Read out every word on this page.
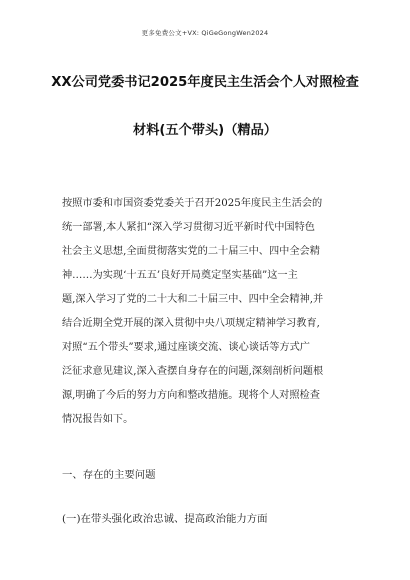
更多免费公文+VX: QiGeGongWen2024
XX公司党委书记2025年度民主生活会个人对照检查
材料(五个带头)（精品）
按照市委和市国资委党委关于召开2025年度民主生活会的
统一部署,本人紧扣“深入学习贯彻习近平新时代中国特色
社会主义思想,全面贯彻落实党的二十届三中、四中全会精
神……为实现‘十五五’良好开局奠定坚实基础”这一主
题,深入学习了党的二十大和二十届三中、四中全会精神,并
结合近期全党开展的深入贯彻中央八项规定精神学习教育,
对照“五个带头”要求,通过座谈交流、谈心谈话等方式广
泛征求意见建议,深入查摆自身存在的问题,深刻剖析问题根
源,明确了今后的努力方向和整改措施。现将个人对照检查
情况报告如下。
一、存在的主要问题
(一)在带头强化政治忠诚、提高政治能力方面
